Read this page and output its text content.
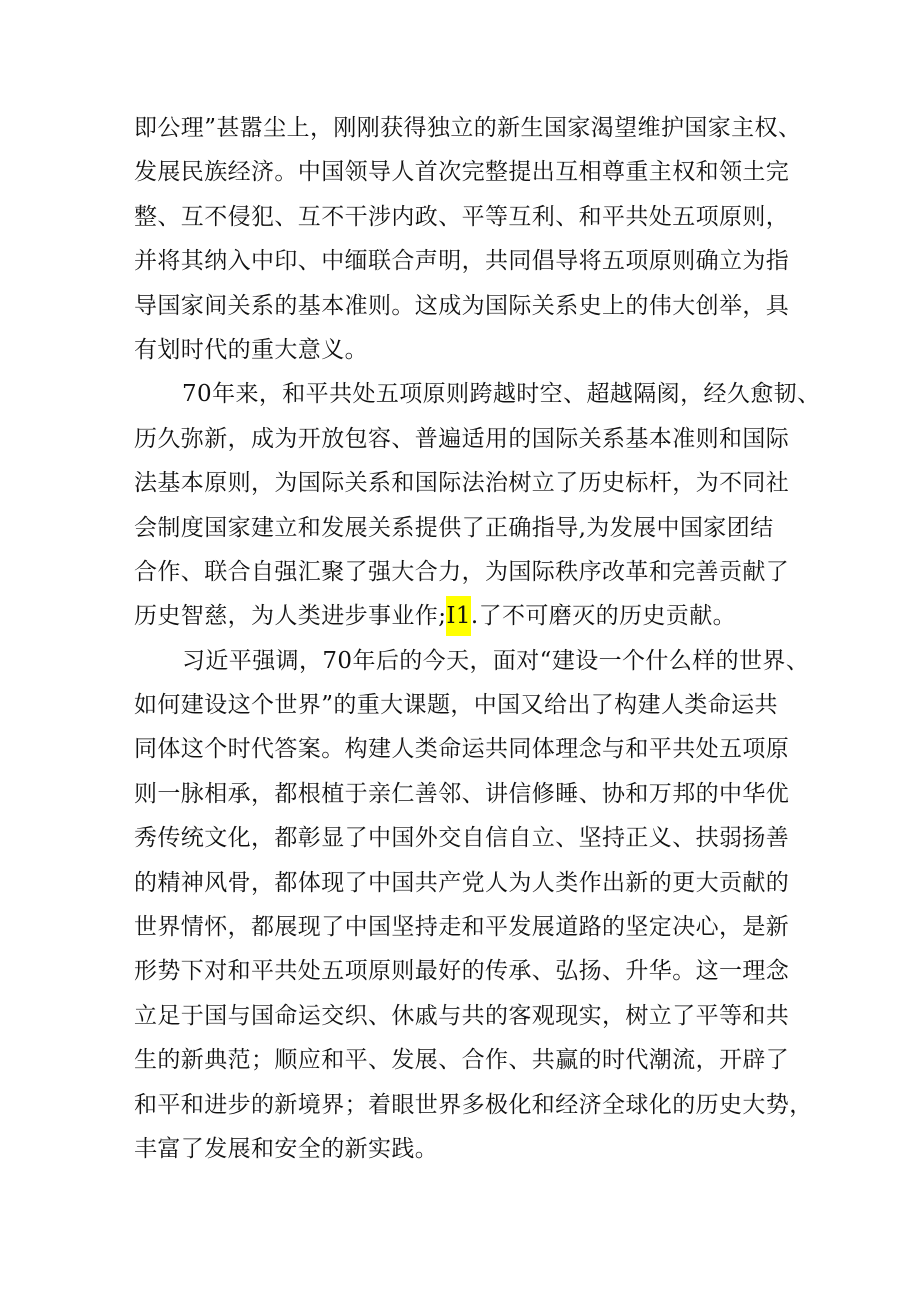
即公理”甚嚣尘上，刚刚获得独立的新生国家渴望维护国家主权、
发展民族经济。中国领导人首次完整提出互相尊重主权和领土完
整、互不侵犯、互不干涉内政、平等互利、和平共处五项原则，
并将其纳入中印、中缅联合声明，共同倡导将五项原则确立为指
导国家间关系的基本准则。这成为国际关系史上的伟大创举，具
有划时代的重大意义。
70年来，和平共处五项原则跨越时空、超越隔阂，经久愈韧、
历久弥新，成为开放包容、普遍适用的国际关系基本准则和国际
法基本原则，为国际关系和国际法治树立了历史标杆，为不同社
会制度国家建立和发展关系提供了正确指导,为发展中国家团结
合作、联合自强汇聚了强大合力，为国际秩序改革和完善贡献了
历史智慈，为人类进步事业作;I1.了不可磨灭的历史贡献。
习近平强调，70年后的今天，面对“建设一个什么样的世界、
如何建设这个世界”的重大课题，中国又给出了构建人类命运共
同体这个时代答案。构建人类命运共同体理念与和平共处五项原
则一脉相承，都根植于亲仁善邻、讲信修睡、协和万邦的中华优
秀传统文化，都彰显了中国外交自信自立、坚持正义、扶弱扬善
的精神风骨，都体现了中国共产党人为人类作出新的更大贡献的
世界情怀，都展现了中国坚持走和平发展道路的坚定决心，是新
形势下对和平共处五项原则最好的传承、弘扬、升华。这一理念
立足于国与国命运交织、休戚与共的客观现实，树立了平等和共
生的新典范；顺应和平、发展、合作、共赢的时代潮流，开辟了
和平和进步的新境界；着眼世界多极化和经济全球化的历史大势，
丰富了发展和安全的新实践。
